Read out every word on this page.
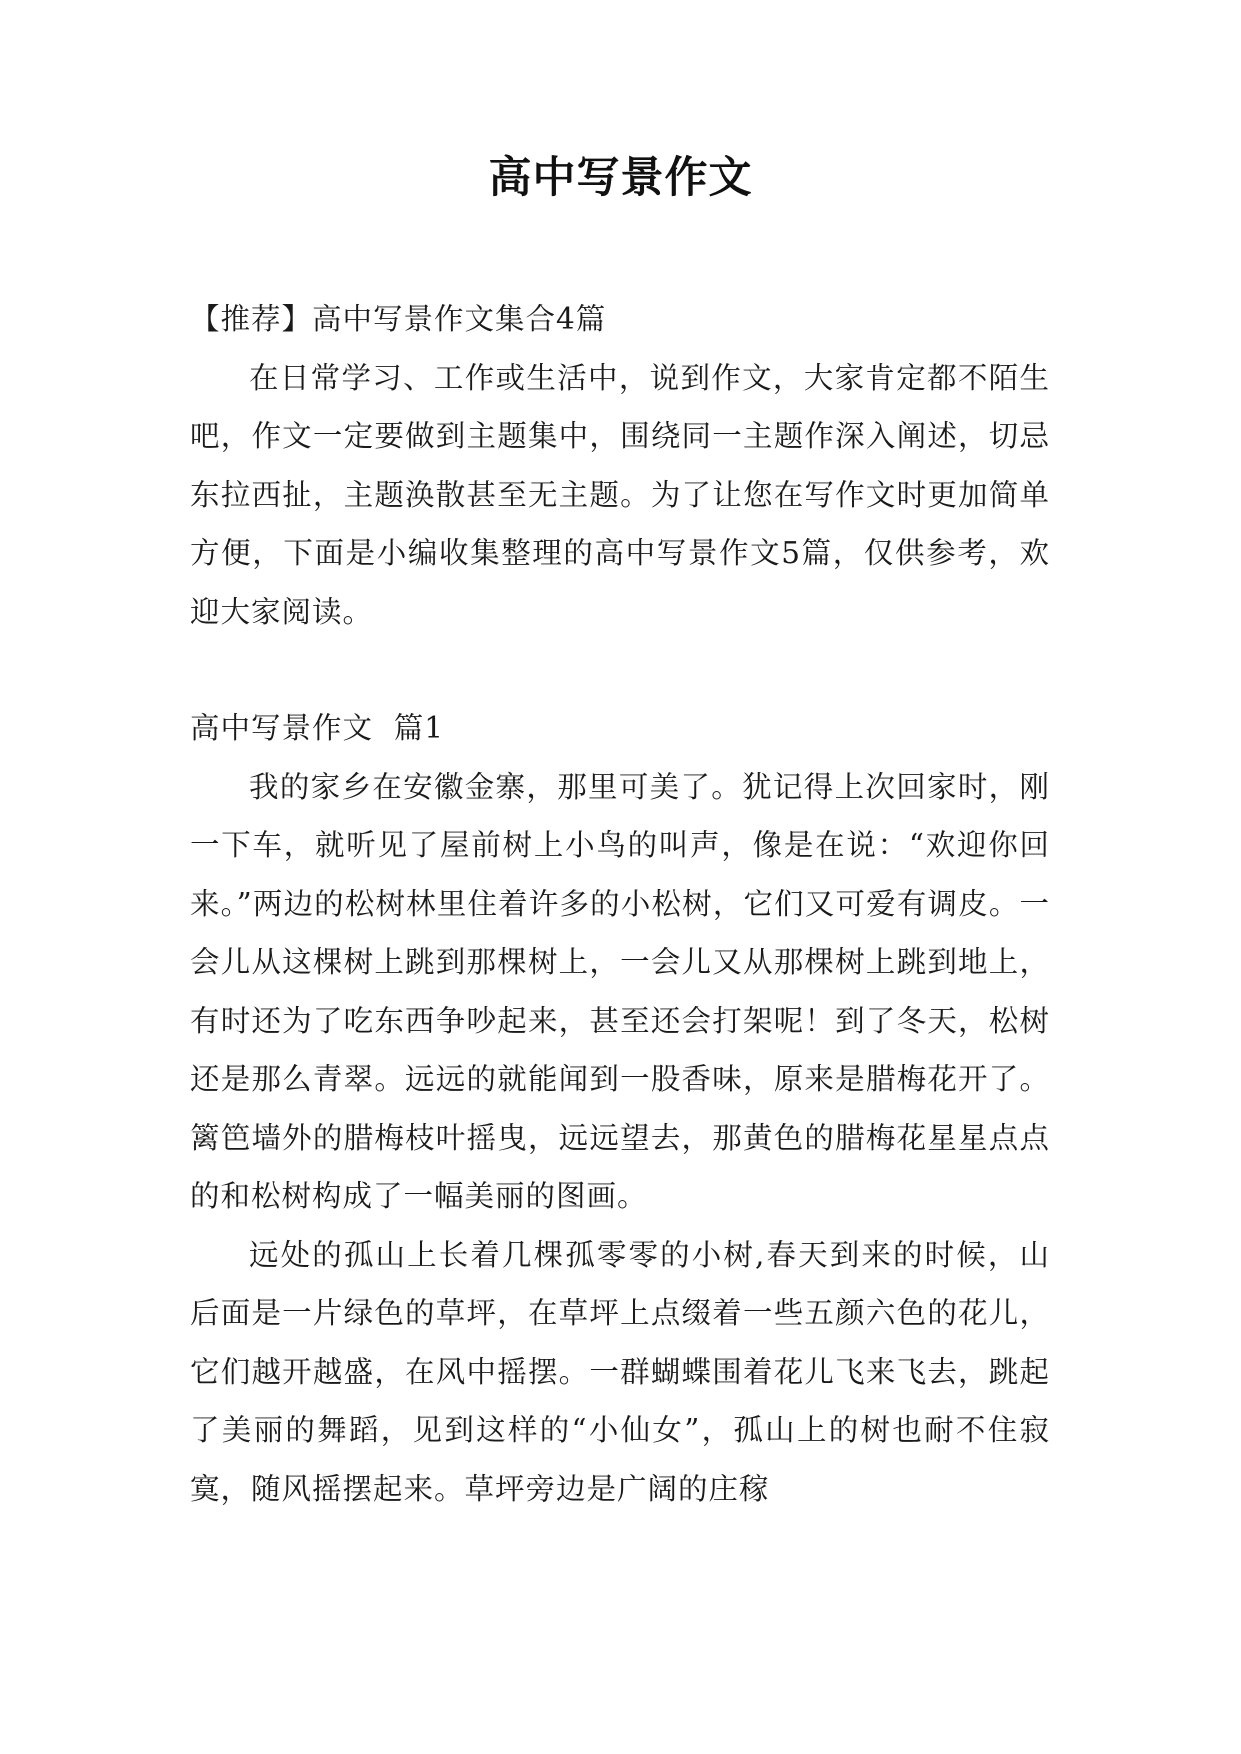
高中写景作文

【推荐】高中写景作文集合4篇

在日常学习、工作或生活中，说到作文，大家肯定都不陌生吧，作文一定要做到主题集中，围绕同一主题作深入阐述，切忌东拉西扯，主题涣散甚至无主题。为了让您在写作文时更加简单方便，下面是小编收集整理的高中写景作文5篇，仅供参考，欢迎大家阅读。

高中写景作文  篇1

我的家乡在安徽金寨，那里可美了。犹记得上次回家时，刚一下车，就听见了屋前树上小鸟的叫声，像是在说：“欢迎你回来。”两边的松树林里住着许多的小松树，它们又可爱有调皮。一会儿从这棵树上跳到那棵树上，一会儿又从那棵树上跳到地上，有时还为了吃东西争吵起来，甚至还会打架呢！到了冬天，松树还是那么青翠。远远的就能闻到一股香味，原来是腊梅花开了。篱笆墙外的腊梅枝叶摇曳，远远望去，那黄色的腊梅花星星点点的和松树构成了一幅美丽的图画。

远处的孤山上长着几棵孤零零的小树,春天到来的时候，山后面是一片绿色的草坪，在草坪上点缀着一些五颜六色的花儿，它们越开越盛，在风中摇摆。一群蝴蝶围着花儿飞来飞去，跳起了美丽的舞蹈，见到这样的“小仙女”，孤山上的树也耐不住寂寞，随风摇摆起来。草坪旁边是广阔的庄稼
